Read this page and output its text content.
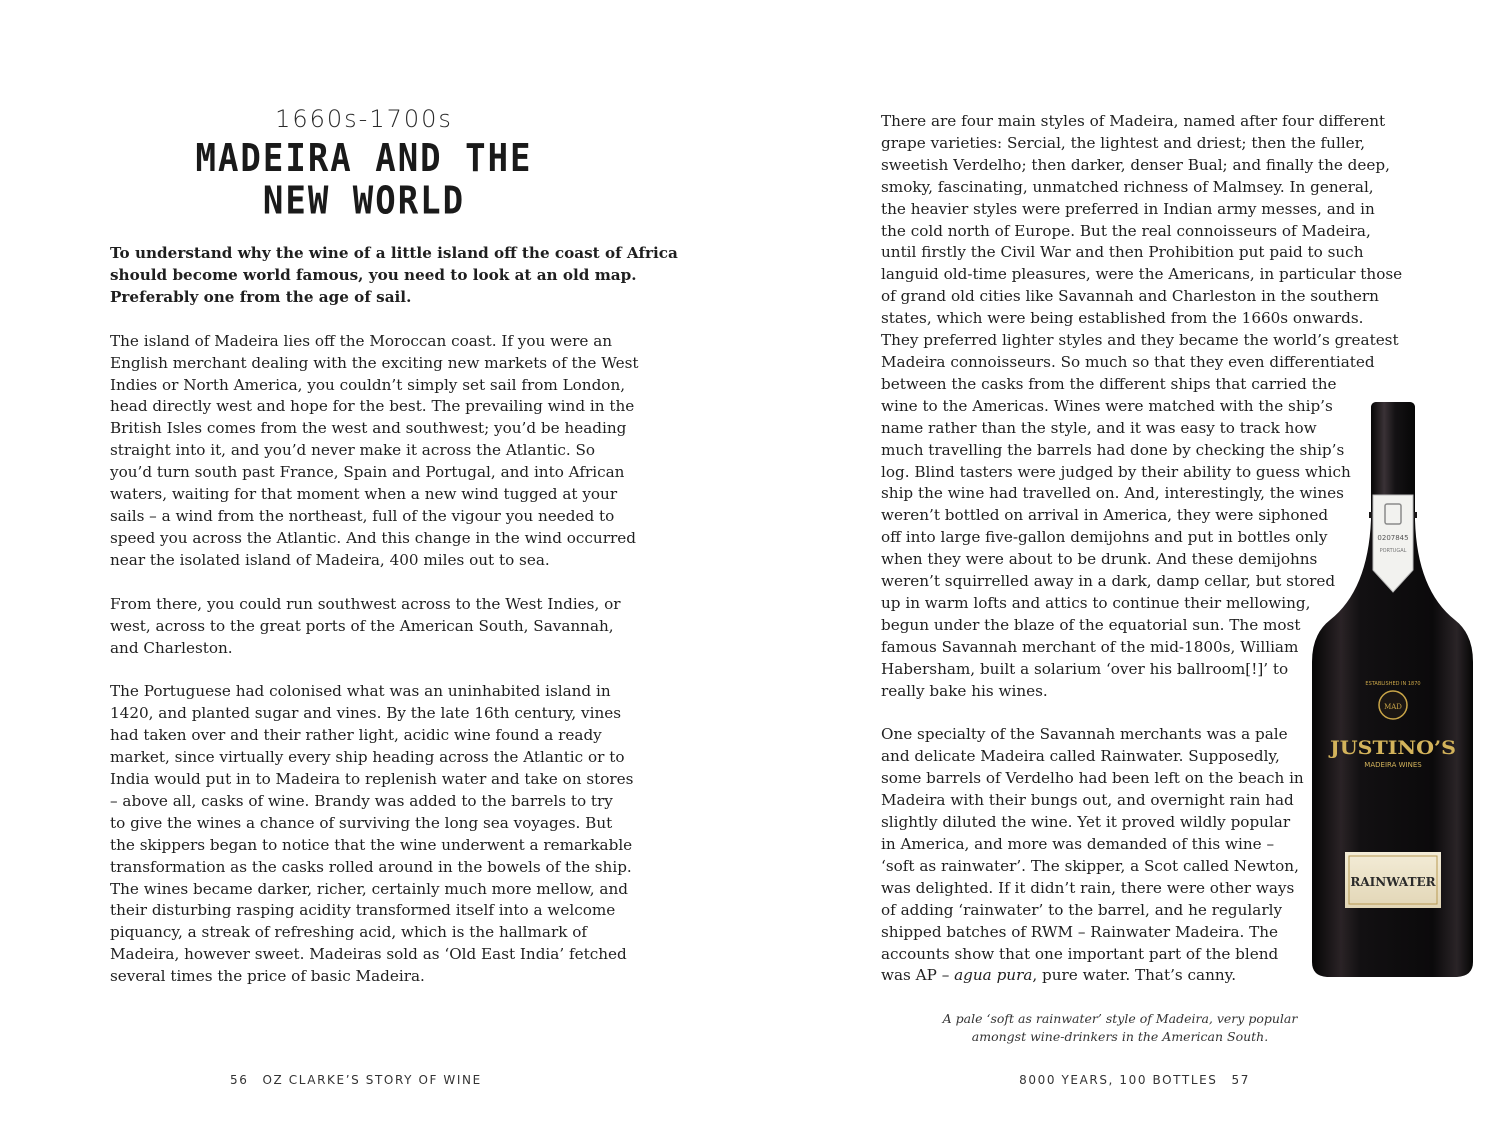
1660s-1700s
MADEIRA AND THE
NEW WORLD

To understand why the wine of a little island off the coast of Africa
should become world famous, you need to look at an old map.
Preferably one from the age of sail.

The island of Madeira lies off the Moroccan coast. If you were an
English merchant dealing with the exciting new markets of the West
Indies or North America, you couldn’t simply set sail from London,
head directly west and hope for the best. The prevailing wind in the
British Isles comes from the west and southwest; you’d be heading
straight into it, and you’d never make it across the Atlantic. So
you’d turn south past France, Spain and Portugal, and into African
waters, waiting for that moment when a new wind tugged at your
sails – a wind from the northeast, full of the vigour you needed to
speed you across the Atlantic. And this change in the wind occurred
near the isolated island of Madeira, 400 miles out to sea.

From there, you could run southwest across to the West Indies, or
west, across to the great ports of the American South, Savannah,
and Charleston.

The Portuguese had colonised what was an uninhabited island in
1420, and planted sugar and vines. By the late 16th century, vines
had taken over and their rather light, acidic wine found a ready
market, since virtually every ship heading across the Atlantic or to
India would put in to Madeira to replenish water and take on stores
– above all, casks of wine. Brandy was added to the barrels to try
to give the wines a chance of surviving the long sea voyages. But
the skippers began to notice that the wine underwent a remarkable
transformation as the casks rolled around in the bowels of the ship.
The wines became darker, richer, certainly much more mellow, and
their disturbing rasping acidity transformed itself into a welcome
piquancy, a streak of refreshing acid, which is the hallmark of
Madeira, however sweet. Madeiras sold as ‘Old East India’ fetched
several times the price of basic Madeira.

56 OZ CLARKE’S STORY OF WINE

There are four main styles of Madeira, named after four different
grape varieties: Sercial, the lightest and driest; then the fuller,
sweetish Verdelho; then darker, denser Bual; and finally the deep,
smoky, fascinating, unmatched richness of Malmsey. In general,
the heavier styles were preferred in Indian army messes, and in
the cold north of Europe. But the real connoisseurs of Madeira,
until firstly the Civil War and then Prohibition put paid to such
languid old-time pleasures, were the Americans, in particular those
of grand old cities like Savannah and Charleston in the southern
states, which were being established from the 1660s onwards.
They preferred lighter styles and they became the world’s greatest
Madeira connoisseurs. So much so that they even differentiated
between the casks from the different ships that carried the
wine to the Americas. Wines were matched with the ship’s
name rather than the style, and it was easy to track how
much travelling the barrels had done by checking the ship’s
log. Blind tasters were judged by their ability to guess which
ship the wine had travelled on. And, interestingly, the wines
weren’t bottled on arrival in America, they were siphoned
off into large five-gallon demijohns and put in bottles only
when they were about to be drunk. And these demijohns
weren’t squirrelled away in a dark, damp cellar, but stored
up in warm lofts and attics to continue their mellowing,
begun under the blaze of the equatorial sun. The most
famous Savannah merchant of the mid-1800s, William
Habersham, built a solarium ‘over his ballroom[!]’ to
really bake his wines.

One specialty of the Savannah merchants was a pale
and delicate Madeira called Rainwater. Supposedly,
some barrels of Verdelho had been left on the beach in
Madeira with their bungs out, and overnight rain had
slightly diluted the wine. Yet it proved wildly popular
in America, and more was demanded of this wine –
‘soft as rainwater’. The skipper, a Scot called Newton,
was delighted. If it didn’t rain, there were other ways
of adding ‘rainwater’ to the barrel, and he regularly
shipped batches of RWM – Rainwater Madeira. The
accounts show that one important part of the blend
was AP – agua pura, pure water. That’s canny.

0207845
PORTUGAL
MAD
ESTABLISHED IN 1870
JUSTINO’S
MADEIRA WINES
RAINWATER
A pale ‘soft as rainwater’ style of Madeira, very popular
amongst wine-drinkers in the American South.
8000 YEARS, 100 BOTTLES 57
